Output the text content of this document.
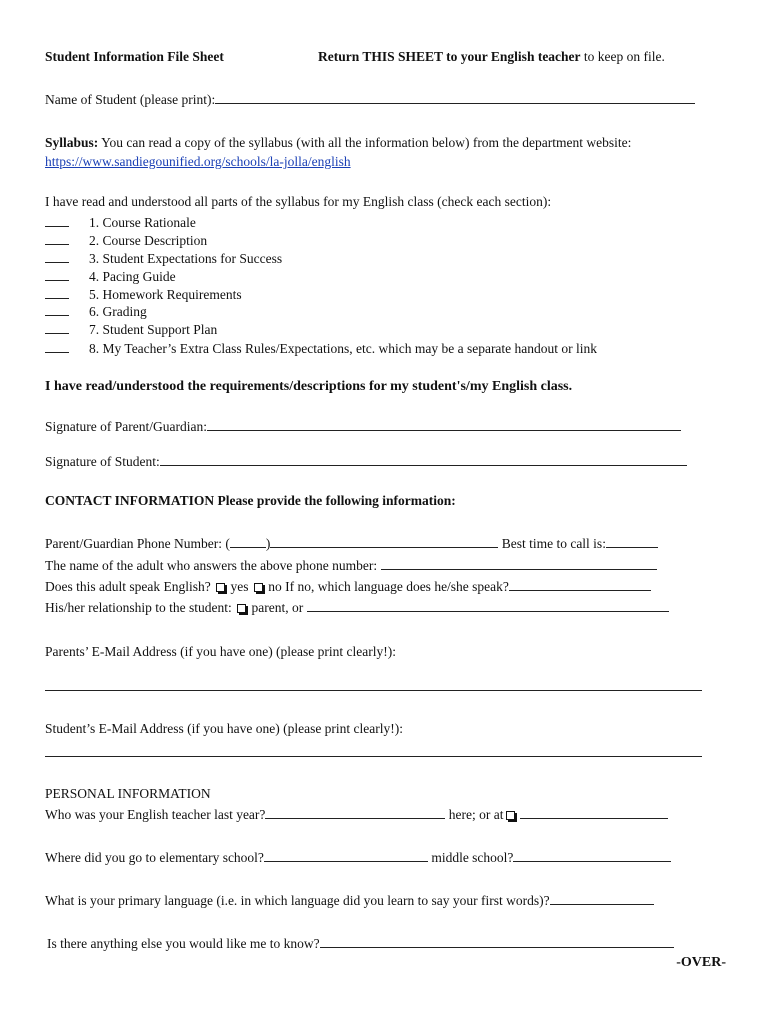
Student Information File Sheet	Return THIS SHEET to your English teacher to keep on file.
Name of Student (please print):
Syllabus: You can read a copy of the syllabus (with all the information below) from the department website:
https://www.sandiegounified.org/schools/la-jolla/english
I have read and understood all parts of the syllabus for my English class (check each section):
1. Course Rationale
2. Course Description
3. Student Expectations for Success
4. Pacing Guide
5. Homework Requirements
6. Grading
7. Student Support Plan
8. My Teacher’s Extra Class Rules/Expectations, etc. which may be a separate handout or link
I have read/understood the requirements/descriptions for my student's/my English class.
Signature of Parent/Guardian:
Signature of Student:
CONTACT INFORMATION Please provide the following information:
Parent/Guardian Phone Number: (	)	Best time to call is:
The name of the adult who answers the above phone number:
Does this adult speak English?  yes  no If no, which language does he/she speak?
His/her relationship to the student:  parent, or
Parents’ E-Mail Address (if you have one) (please print clearly!):
Student’s E-Mail Address (if you have one) (please print clearly!):
PERSONAL INFORMATION
Who was your English teacher last year?	here; or at
Where did you go to elementary school?	middle school?
What is your primary language (i.e. in which language did you learn to say your first words)?
Is there anything else you would like me to know?
-OVER-
